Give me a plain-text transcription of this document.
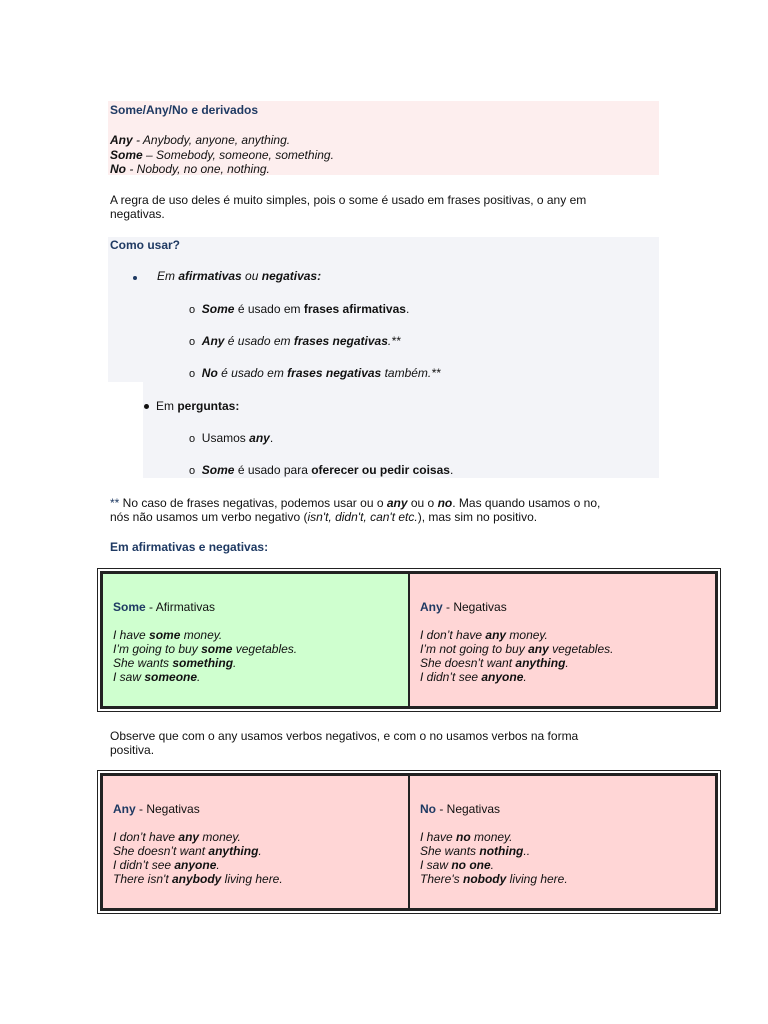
Some/Any/No e derivados
Any - Anybody, anyone, anything.
Some – Somebody, someone, something.
No - Nobody, no one, nothing.
A regra de uso deles é muito simples, pois o some é usado em frases positivas, o any em
negativas.
Como usar?
Em afirmativas ou negativas:
o Some é usado em frases afirmativas.
o Any é usado em frases negativas.**
o No é usado em frases negativas também.**
Em perguntas:
o Usamos any.
o Some é usado para oferecer ou pedir coisas.
** No caso de frases negativas, podemos usar ou o any ou o no. Mas quando usamos o no,
nós não usamos um verbo negativo (isn't, didn't, can't etc.), mas sim no positivo.
Em afirmativas e negativas:
Some - Afirmativas
I have some money.
I’m going to buy some vegetables.
She wants something.
I saw someone.

Any - Negativas
I don’t have any money.
I’m not going to buy any vegetables.
She doesn’t want anything.
I didn’t see anyone.
Observe que com o any usamos verbos negativos, e com o no usamos verbos na forma
positiva.
Any - Negativas
I don’t have any money.
She doesn’t want anything.
I didn’t see anyone.
There isn't anybody living here.

No - Negativas
I have no money.
She wants nothing..
I saw no one.
There's nobody living here.
